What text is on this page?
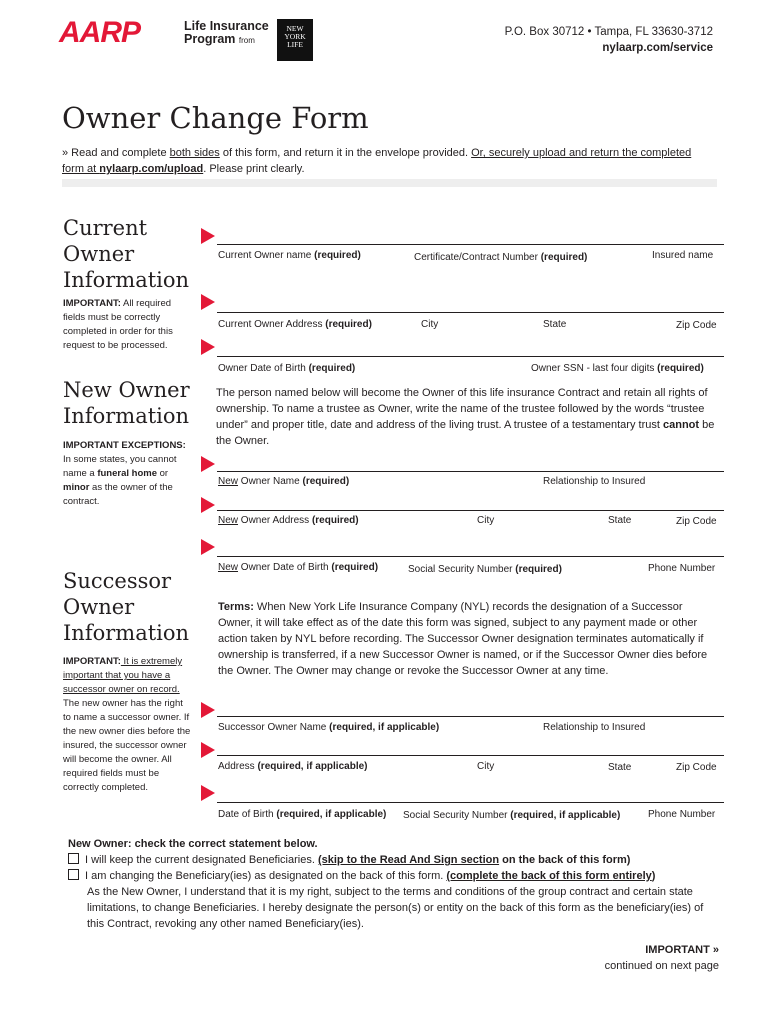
AARP	Life Insurance
Program from
NEW YORK LIFE
P.O. Box 30712 • Tampa, FL 33630-3712
nylaarp.com/service
Owner Change Form
» Read and complete both sides of this form, and return it in the envelope provided. Or, securely upload and return the completed form at nylaarp.com/upload. Please print clearly.
Current
Owner
Information
IMPORTANT: All required fields must be correctly completed in order for this request to be processed.
Current Owner name (required)	Certificate/Contract Number (required)	Insured name
Current Owner Address (required)	City	State	Zip Code
Owner Date of Birth (required)	Owner SSN - last four digits (required)
New Owner
Information
IMPORTANT EXCEPTIONS:
In some states, you cannot name a funeral home or minor as the owner of the contract.
The person named below will become the Owner of this life insurance Contract and retain all rights of ownership. To name a trustee as Owner, write the name of the trustee followed by the words “trustee under” and proper title, date and address of the living trust. A trustee of a testamentary trust cannot be the Owner.
New Owner Name (required)	Relationship to Insured
New Owner Address (required)	City	State	Zip Code
New Owner Date of Birth (required)	Social Security Number (required)	Phone Number
Successor
Owner
Information
IMPORTANT: It is extremely important that you have a successor owner on record. The new owner has the right to name a successor owner. If the new owner dies before the insured, the successor owner will become the owner. All required fields must be correctly completed.
Terms: When New York Life Insurance Company (NYL) records the designation of a Successor Owner, it will take effect as of the date this form was signed, subject to any payment made or other action taken by NYL before recording. The Successor Owner designation terminates automatically if ownership is transferred, if a new Successor Owner is named, or if the Successor Owner dies before the Owner. The Owner may change or revoke the Successor Owner at any time.
Successor Owner Name (required, if applicable)	Relationship to Insured
Address (required, if applicable)	City	State	Zip Code
Date of Birth (required, if applicable) Social Security Number (required, if applicable)	Phone Number
New Owner: check the correct statement below.
I will keep the current designated Beneficiaries. (skip to the Read And Sign section on the back of this form)
I am changing the Beneficiary(ies) as designated on the back of this form. (complete the back of this form entirely)
As the New Owner, I understand that it is my right, subject to the terms and conditions of the group contract and certain state limitations, to change Beneficiaries. I hereby designate the person(s) or entity on the back of this form as the beneficiary(ies) of this Contract, revoking any other named Beneficiary(ies).
IMPORTANT »
continued on next page
